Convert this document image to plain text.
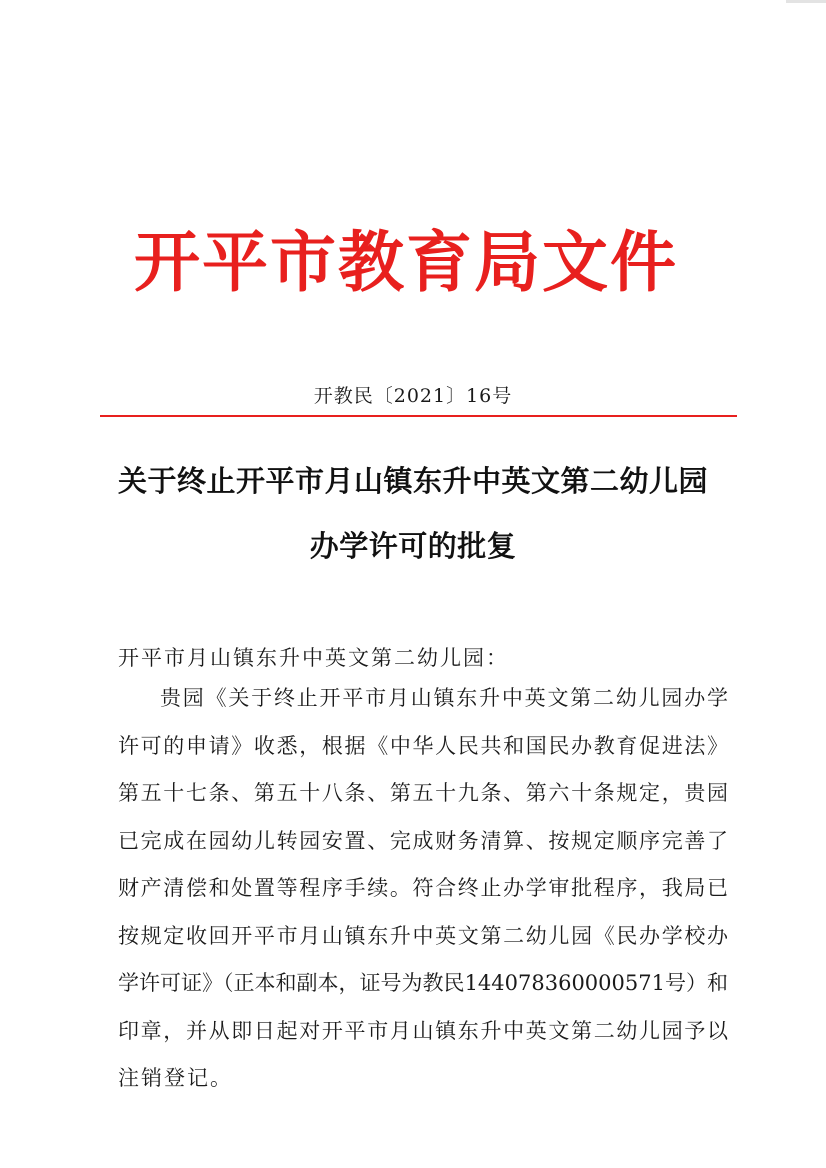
开平市教育局文件
开教民〔2021〕16号
关于终止开平市月山镇东升中英文第二幼儿园
办学许可的批复
开平市月山镇东升中英文第二幼儿园：
贵园《关于终止开平市月山镇东升中英文第二幼儿园办学
许可的申请》收悉，根据《中华人民共和国民办教育促进法》
第五十七条、第五十八条、第五十九条、第六十条规定，贵园
已完成在园幼儿转园安置、完成财务清算、按规定顺序完善了
财产清偿和处置等程序手续。符合终止办学审批程序，我局已
按规定收回开平市月山镇东升中英文第二幼儿园《民办学校办
学许可证》（正本和副本，证号为教民144078360000571号）和
印章，并从即日起对开平市月山镇东升中英文第二幼儿园予以
注销登记。
